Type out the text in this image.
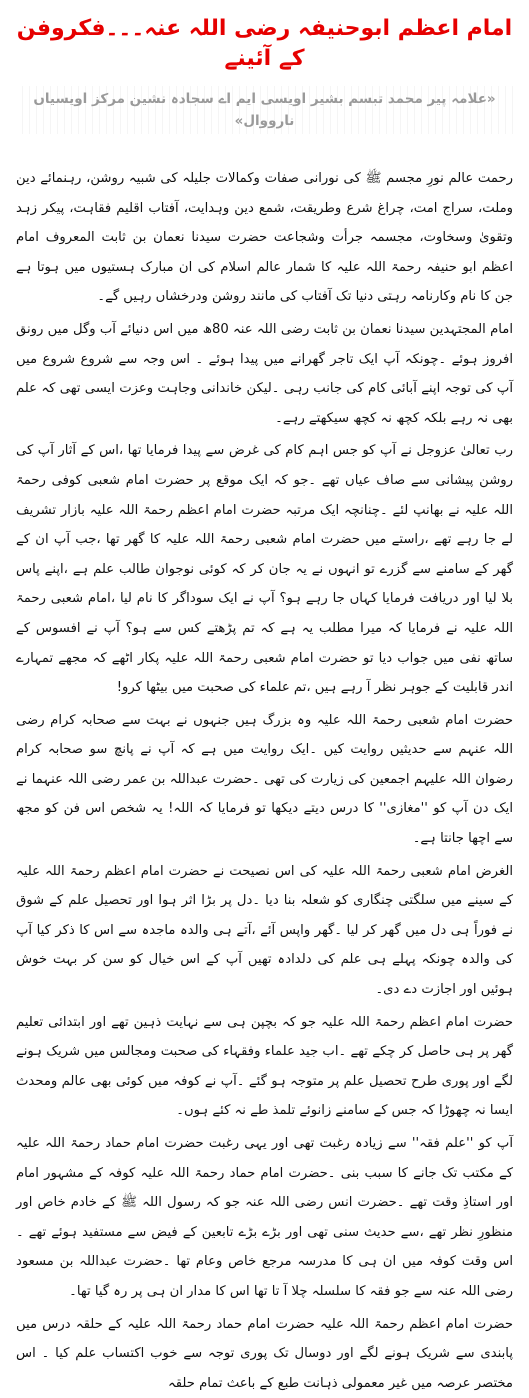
امام اعظم ابوحنیفہ رضی اللہ عنہ۔۔۔فکروفن کے آئینے
«علامہ پیر محمد تبسم بشیر اویسی ایم اے سجادہ نشین مرکز اویسیاں نارووال»

رحمت عالم نورِ مجسم ﷺ کی نورانی صفات وکمالات جلیلہ کی شبیہ روشن، رہنمائے دین وملت، سراج امت، چراغ شرع وطریقت، شمع دین وہدایت، آفتاب اقلیم فقاہت، پیکر زہد وتقویٰ وسخاوت، مجسمہ جرأت وشجاعت حضرت سیدنا نعمان بن ثابت المعروف امام اعظم ابو حنیفہ رحمۃ اللہ علیہ کا شمار عالم اسلام کی ان مبارک ہستیوں میں ہوتا ہے جن کا نام وکارنامہ رہتی دنیا تک آفتاب کی مانند روشن ودرخشاں رہیں گے۔

امام المجتہدین سیدنا نعمان بن ثابت رضی اللہ عنہ 80ھ میں اس دنیائے آب وگل میں رونق افروز ہوئے ۔چونکہ آپ ایک تاجر گھرانے میں پیدا ہوئے ۔ اس وجہ سے شروع شروع میں آپ کی توجہ اپنے آبائی کام کی جانب رہی ۔لیکن خاندانی وجاہت وعزت ایسی تھی کہ علم بھی نہ رہے بلکہ کچھ نہ کچھ سیکھتے رہے۔

رب تعالیٰ عزوجل نے آپ کو جس اہم کام کی غرض سے پیدا فرمایا تھا ،اس کے آثار آپ کی روشن پیشانی سے صاف عیاں تھے ۔جو کہ ایک موقع پر حضرت امام شعبی کوفی رحمۃ اللہ علیہ نے بھانپ لئے ۔چنانچہ ایک مرتبہ حضرت امام اعظم رحمۃ اللہ علیہ بازار تشریف لے جا رہے تھے ،راستے میں حضرت امام شعبی رحمۃ اللہ علیہ کا گھر تھا ،جب آپ ان کے گھر کے سامنے سے گزرے تو انہوں نے یہ جان کر کہ کوئی نوجوان طالب علم ہے ،اپنے پاس بلا لیا اور دریافت فرمایا کہاں جا رہے ہو؟ آپ نے ایک سوداگر کا نام لیا ،امام شعبی رحمۃ اللہ علیہ نے فرمایا کہ میرا مطلب یہ ہے کہ تم پڑھتے کس سے ہو؟ آپ نے افسوس کے ساتھ نفی میں جواب دیا تو حضرت امام شعبی رحمۃ اللہ علیہ پکار اٹھے کہ مجھے تمہارے اندر قابلیت کے جوہر نظر آ رہے ہیں ،تم علماء کی صحبت میں بیٹھا کرو!

حضرت امام شعبی رحمۃ اللہ علیہ وہ بزرگ ہیں جنہوں نے بہت سے صحابہ کرام رضی اللہ عنہم سے حدیثیں روایت کیں ۔ایک روایت میں ہے کہ آپ نے پانچ سو صحابہ کرام رضوان اللہ علیہم اجمعین کی زیارت کی تھی ۔حضرت عبداللہ بن عمر رضی اللہ عنہما نے ایک دن آپ کو ''مغازی'' کا درس دیتے دیکھا تو فرمایا کہ اللہ! یہ شخص اس فن کو مجھ سے اچھا جانتا ہے۔

الغرض امام شعبی رحمۃ اللہ علیہ کی اس نصیحت نے حضرت امام اعظم رحمۃ اللہ علیہ کے سینے میں سلگتی چنگاری کو شعلہ بنا دیا ۔دل پر بڑا اثر ہوا اور تحصیل علم کے شوق نے فوراً ہی دل میں گھر کر لیا ۔گھر واپس آئے ،آتے ہی والدہ ماجدہ سے اس کا ذکر کیا آپ کی والدہ چونکہ پہلے ہی علم کی دلدادہ تھیں آپ کے اس خیال کو سن کر بہت خوش ہوئیں اور اجازت دے دی۔

حضرت امام اعظم رحمۃ اللہ علیہ جو کہ بچپن ہی سے نہایت ذہین تھے اور ابتدائی تعلیم گھر پر ہی حاصل کر چکے تھے ۔اب جید علماء وفقہاء کی صحبت ومجالس میں شریک ہونے لگے اور پوری طرح تحصیل علم پر متوجہ ہو گئے ۔آپ نے کوفہ میں کوئی بھی عالم ومحدث ایسا نہ چھوڑا کہ جس کے سامنے زانوئے تلمذ طے نہ کئے ہوں۔

آپ کو ''علم فقہ'' سے زیادہ رغبت تھی اور یہی رغبت حضرت امام حماد رحمۃ اللہ علیہ کے مکتب تک جانے کا سبب بنی ۔حضرت امام حماد رحمۃ اللہ علیہ کوفہ کے مشہور امام اور استاذِ وقت تھے ۔حضرت انس رضی اللہ عنہ جو کہ رسول اللہ ﷺ کے خادم خاص اور منظورِ نظر تھے ،سے حدیث سنی تھی اور بڑے بڑے تابعین کے فیض سے مستفید ہوئے تھے ۔اس وقت کوفہ میں ان ہی کا مدرسہ مرجع خاص وعام تھا ۔حضرت عبداللہ بن مسعود رضی اللہ عنہ سے جو فقہ کا سلسلہ چلا آ تا تھا اس کا مدار ان ہی پر رہ گیا تھا۔

حضرت امام اعظم رحمۃ اللہ علیہ حضرت امام حماد رحمۃ اللہ علیہ کے حلقہ درس میں پابندی سے شریک ہونے لگے اور دوسال تک پوری توجہ سے خوب اکتساب علم کیا ۔ اس مختصر عرصہ میں غیر معمولی ذہانت طبع کے باعث تمام حلقہ
